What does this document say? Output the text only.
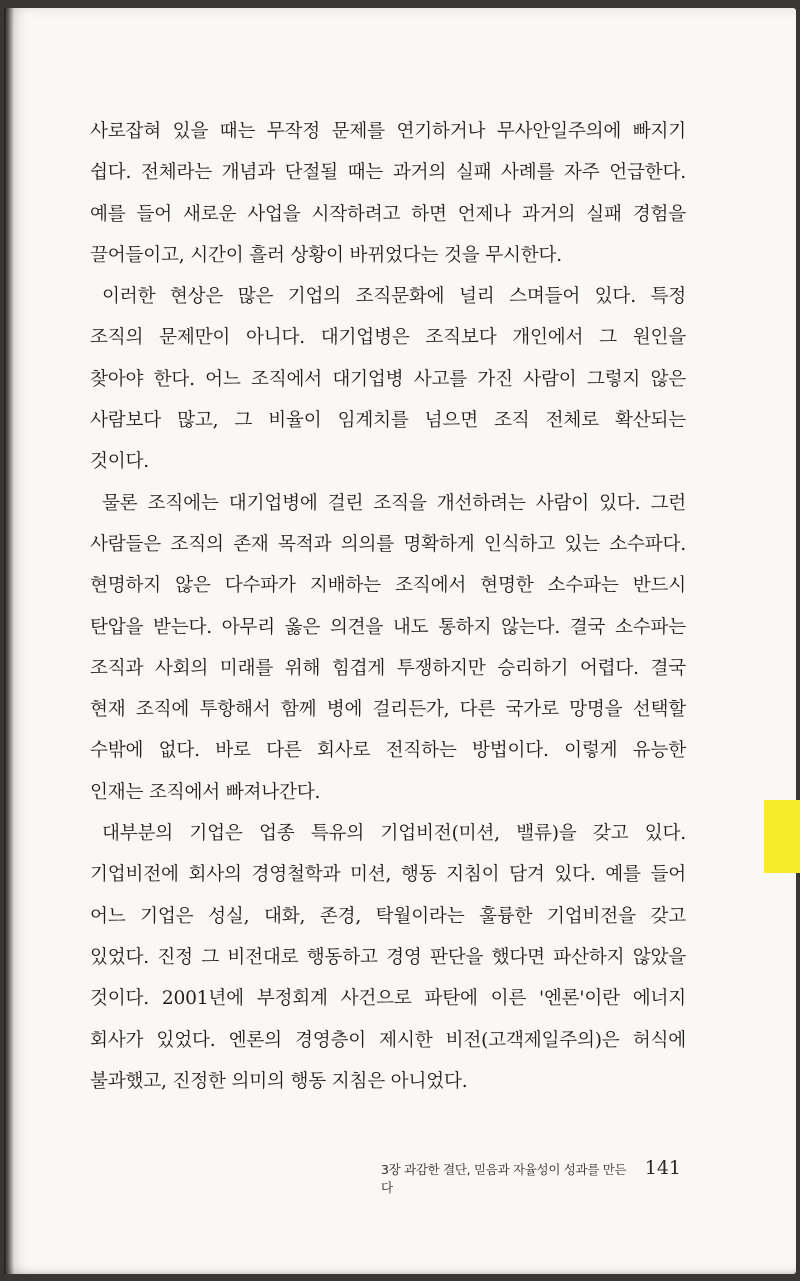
사로잡혀 있을 때는 무작정 문제를 연기하거나 무사안일주의에 빠지기
쉽다. 전체라는 개념과 단절될 때는 과거의 실패 사례를 자주 언급한다.
예를 들어 새로운 사업을 시작하려고 하면 언제나 과거의 실패 경험을
끌어들이고, 시간이 흘러 상황이 바뀌었다는 것을 무시한다.
이러한 현상은 많은 기업의 조직문화에 널리 스며들어 있다. 특정
조직의 문제만이 아니다. 대기업병은 조직보다 개인에서 그 원인을
찾아야 한다. 어느 조직에서 대기업병 사고를 가진 사람이 그렇지 않은
사람보다 많고, 그 비율이 임계치를 넘으면 조직 전체로 확산되는
것이다.
물론 조직에는 대기업병에 걸린 조직을 개선하려는 사람이 있다. 그런
사람들은 조직의 존재 목적과 의의를 명확하게 인식하고 있는 소수파다.
현명하지 않은 다수파가 지배하는 조직에서 현명한 소수파는 반드시
탄압을 받는다. 아무리 옳은 의견을 내도 통하지 않는다. 결국 소수파는
조직과 사회의 미래를 위해 힘겹게 투쟁하지만 승리하기 어렵다. 결국
현재 조직에 투항해서 함께 병에 걸리든가, 다른 국가로 망명을 선택할
수밖에 없다. 바로 다른 회사로 전직하는 방법이다. 이렇게 유능한
인재는 조직에서 빠져나간다.
대부분의 기업은 업종 특유의 기업비전(미션, 밸류)을 갖고 있다.
기업비전에 회사의 경영철학과 미션, 행동 지침이 담겨 있다. 예를 들어
어느 기업은 성실, 대화, 존경, 탁월이라는 훌륭한 기업비전을 갖고
있었다. 진정 그 비전대로 행동하고 경영 판단을 했다면 파산하지 않았을
것이다. 2001년에 부정회계 사건으로 파탄에 이른 '엔론'이란 에너지
회사가 있었다. 엔론의 경영층이 제시한 비전(고객제일주의)은 허식에
불과했고, 진정한 의미의 행동 지침은 아니었다.
3장 과감한 결단, 믿음과 자율성이 성과를 만든다
141
